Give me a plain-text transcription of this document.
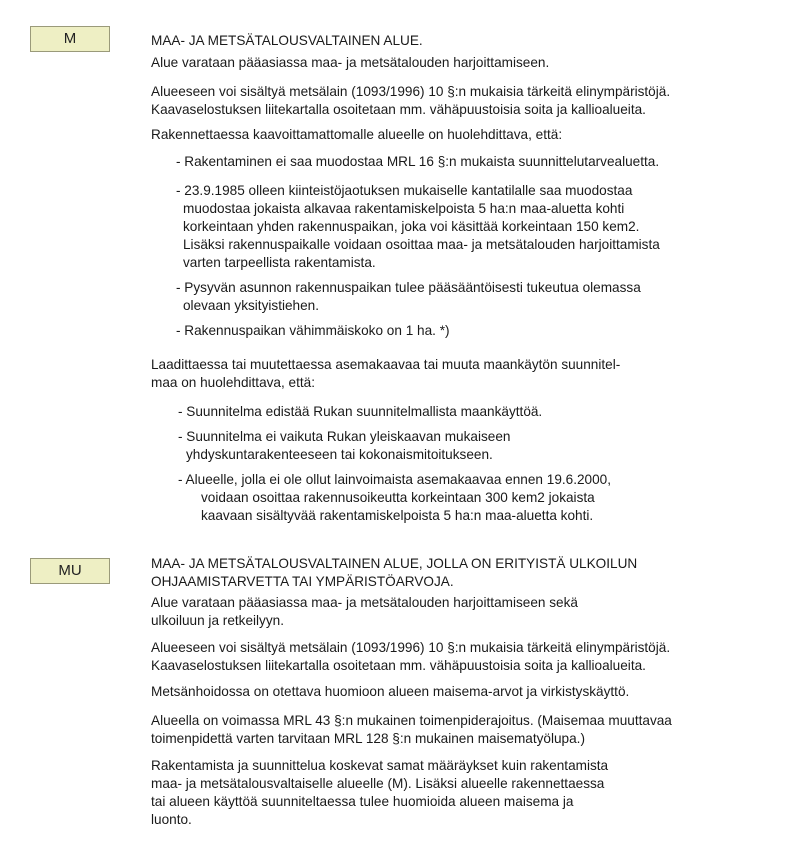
M	MAA- JA METSÄTALOUSVALTAINEN ALUE.
Alue varataan pääasiassa maa- ja metsätalouden harjoittamiseen.
Alueeseen voi sisältyä metsälain (1093/1996) 10 §:n mukaisia tärkeitä elinympäristöjä.
Kaavaselostuksen liitekartalla osoitetaan mm. vähäpuustoisia soita ja kallioalueita.
Rakennettaessa kaavoittamattomalle alueelle on huolehdittava, että:
- Rakentaminen ei saa muodostaa MRL 16 §:n mukaista suunnittelutarvealuetta.
- 23.9.1985 olleen kiinteistöjaotuksen mukaiselle kantatilalle saa muodostaa
muodostaa jokaista alkavaa rakentamiskelpoista 5 ha:n maa-aluetta kohti
korkeintaan yhden rakennuspaikan, joka voi käsittää korkeintaan 150 kem2.
Lisäksi rakennuspaikalle voidaan osoittaa maa- ja metsätalouden harjoittamista
varten tarpeellista rakentamista.
- Pysyvän asunnon rakennuspaikan tulee pääsääntöisesti tukeutua olemassa
olevaan yksityistiehen.
- Rakennuspaikan vähimmäiskoko on 1 ha. *)
Laadittaessa tai muutettaessa asemakaavaa tai muuta maankäytön suunnitel-
maa on huolehdittava, että:
- Suunnitelma edistää Rukan suunnitelmallista maankäyttöä.
- Suunnitelma ei vaikuta Rukan yleiskaavan mukaiseen
yhdyskuntarakenteeseen tai kokonaismitoitukseen.
- Alueelle, jolla ei ole ollut lainvoimaista asemakaavaa ennen 19.6.2000,
voidaan osoittaa rakennusoikeutta korkeintaan 300 kem2 jokaista
kaavaan sisältyvää rakentamiskelpoista 5 ha:n maa-aluetta kohti.
MU	MAA- JA METSÄTALOUSVALTAINEN ALUE, JOLLA ON ERITYISTÄ ULKOILUN
OHJAAMISTARVETTA TAI YMPÄRISTÖARVOJA.
Alue varataan pääasiassa maa- ja metsätalouden harjoittamiseen sekä
ulkoiluun ja retkeilyyn.
Alueeseen voi sisältyä metsälain (1093/1996) 10 §:n mukaisia tärkeitä elinympäristöjä.
Kaavaselostuksen liitekartalla osoitetaan mm. vähäpuustoisia soita ja kallioalueita.
Metsänhoidossa on otettava huomioon alueen maisema-arvot ja virkistyskäyttö.
Alueella on voimassa MRL 43 §:n mukainen toimenpiderajoitus. (Maisemaa muuttavaa
toimenpidettä varten tarvitaan MRL 128 §:n mukainen maisematyölupa.)
Rakentamista ja suunnittelua koskevat samat määräykset kuin rakentamista
maa- ja metsätalousvaltaiselle alueelle (M). Lisäksi alueelle rakennettaessa
tai alueen käyttöä suunniteltaessa tulee huomioida alueen maisema ja
luonto.
